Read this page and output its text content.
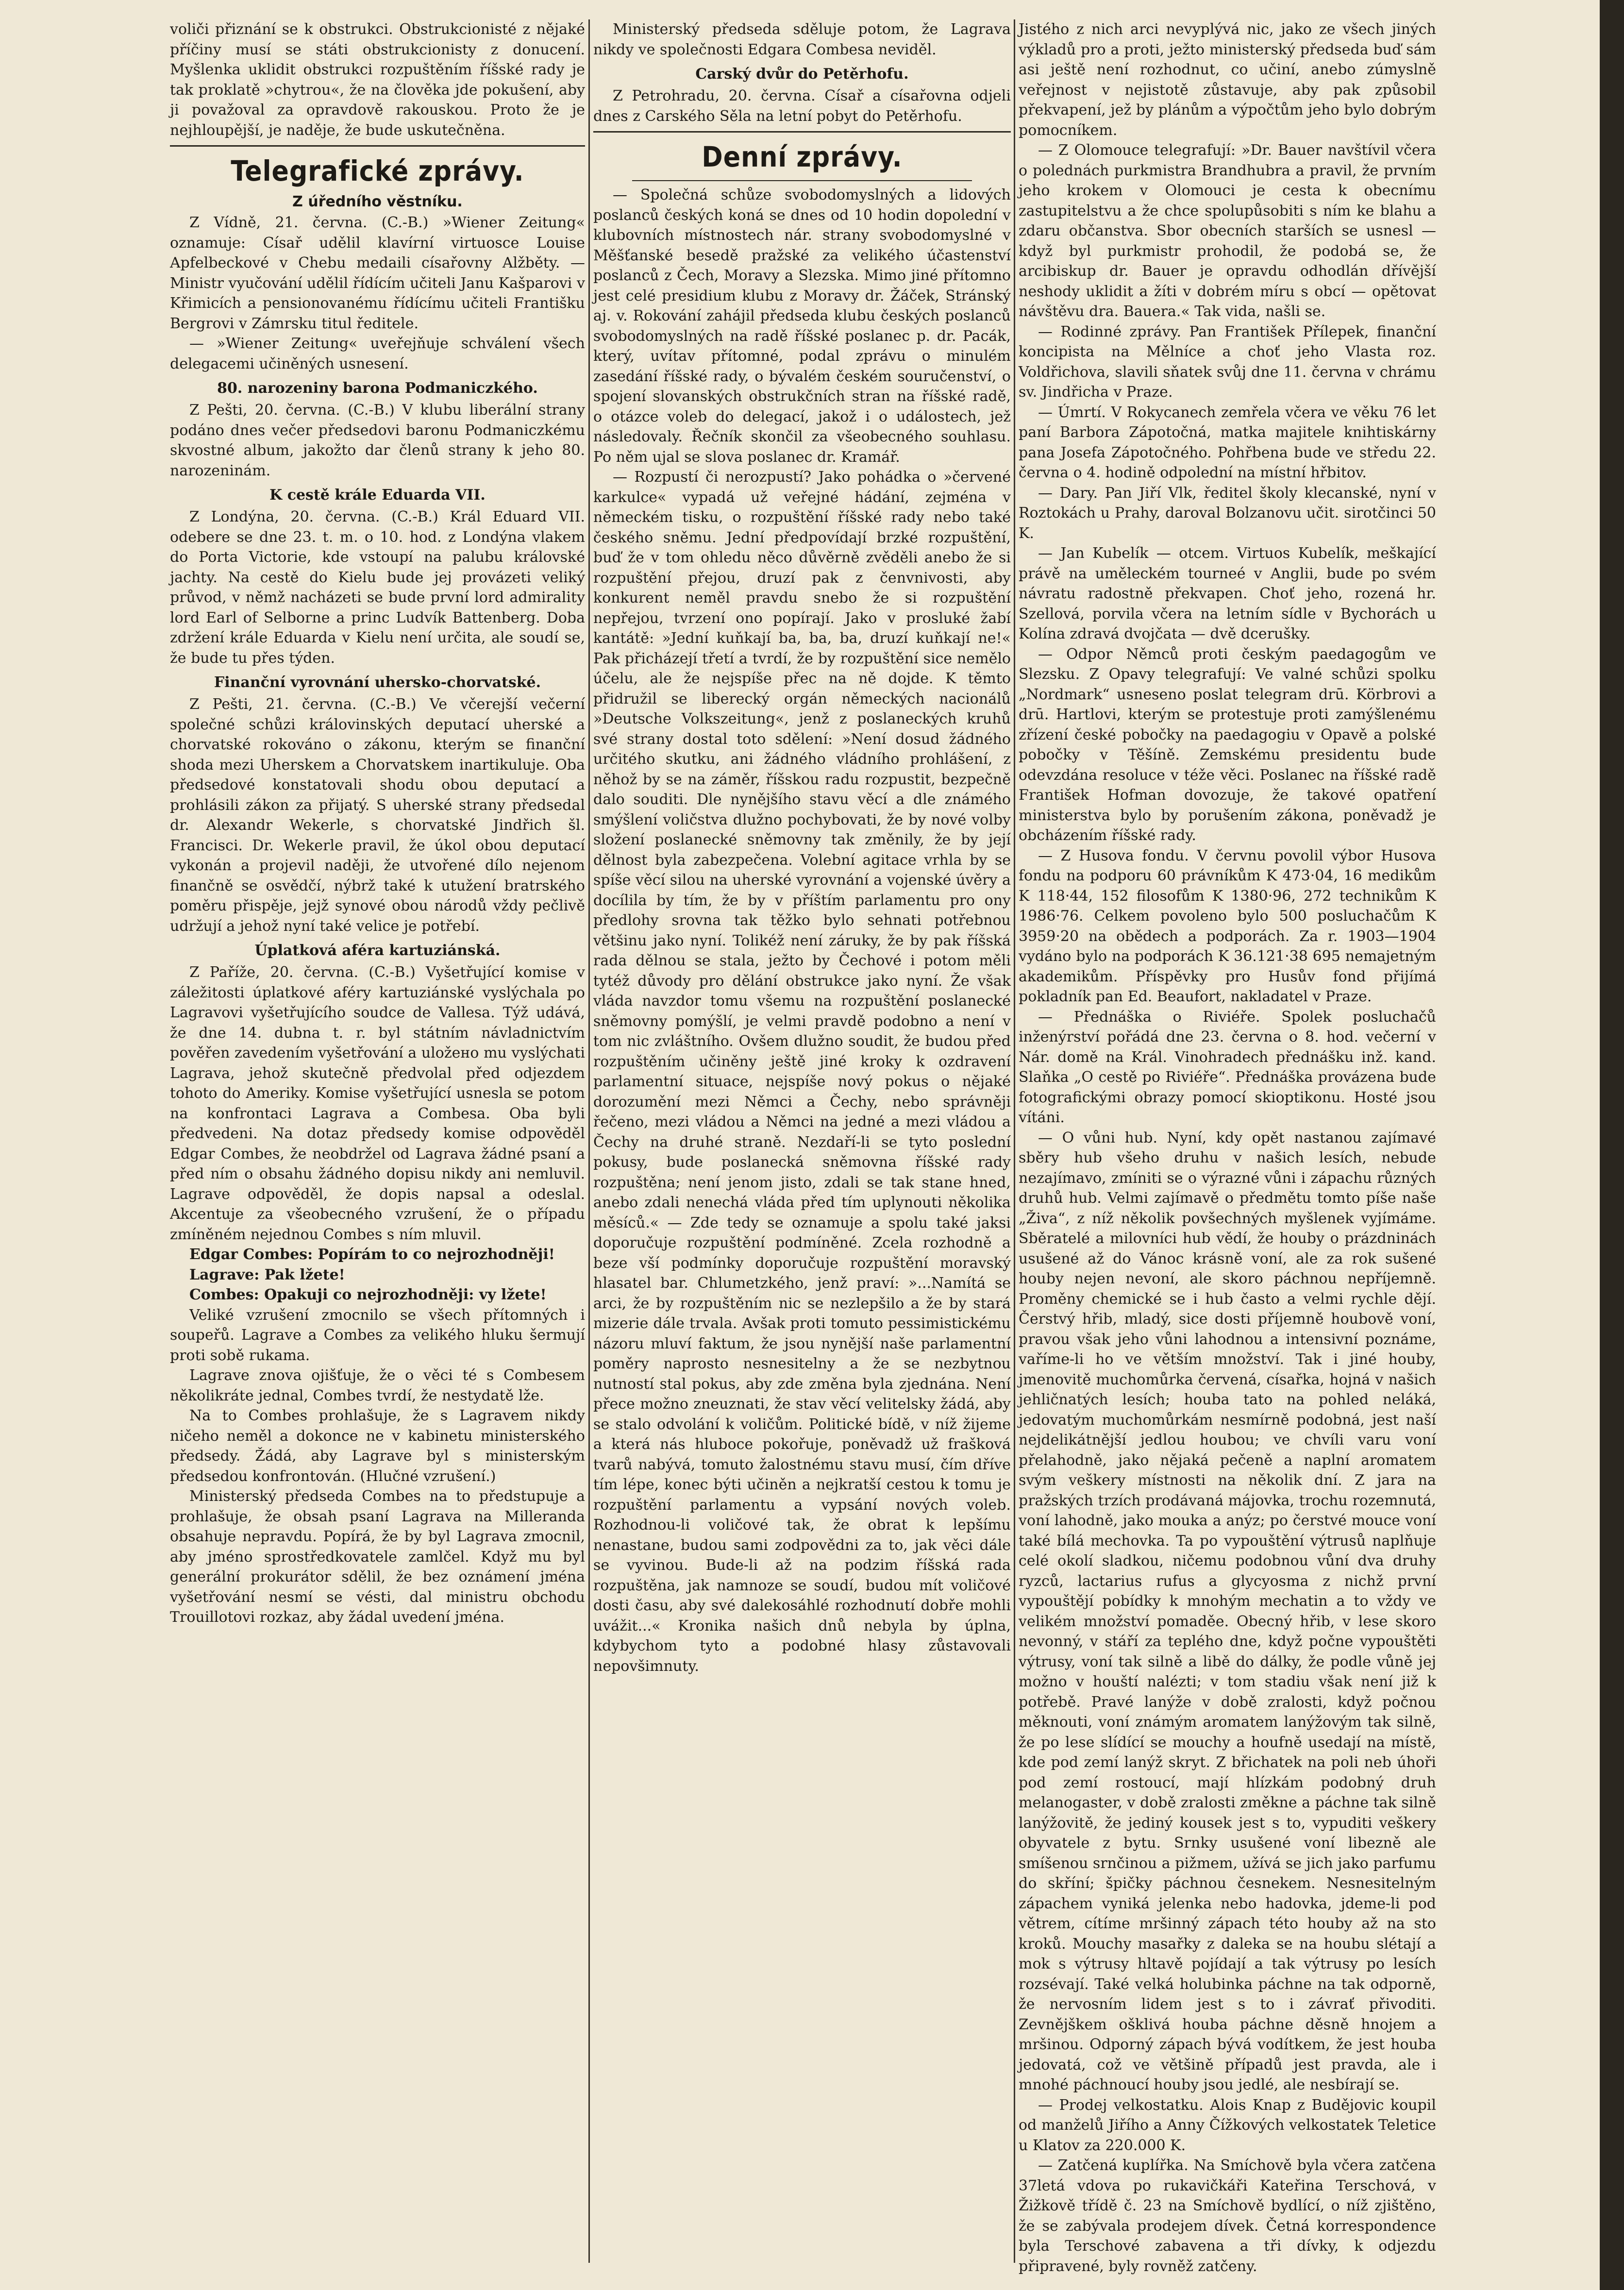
voliči přiznání se k obstrukci. Obstrukcionisté z nějaké příčiny musí se státi obstrukcionisty z donucení. Myšlenka uklidit obstrukci rozpuštěním říšské rady je tak proklatě »chytrou«, že na člověka jde pokušení, aby ji považoval za opravdově rakouskou. Proto že je nejhloupější, je naděje, že bude uskutečněna.

Telegrafické zprávy.
Z úředního věstníku.

Z Vídně, 21. června. (C.-B.) »Wiener Zeitung« oznamuje: Císař udělil klavírní virtuosce Louise Apfelbeckové v Chebu medaili císařovny Alžběty. — Ministr vyučování udělil řídícím učiteli Janu Kašparovi v Křimicích a pensionovanému řídícímu učiteli Františku Bergrovi v Zámrsku titul ředitele.

— »Wiener Zeitung« uveřejňuje schválení všech delegacemi učiněných usnesení.

80. narozeniny barona Podmaniczkého.

Z Pešti, 20. června. (C.-B.) V klubu liberální strany podáno dnes večer předsedovi baronu Podmaniczkému skvostné album, jakožto dar členů strany k jeho 80. narozeninám.

K cestě krále Eduarda VII.

Z Londýna, 20. června. (C.-B.) Král Eduard VII. odebere se dne 23. t. m. o 10. hod. z Londýna vlakem do Porta Victorie, kde vstoupí na palubu královské jachty. Na cestě do Kielu bude jej provázeti veliký průvod, v němž nacházeti se bude první lord admirality lord Earl of Selborne a princ Ludvík Battenberg. Doba zdržení krále Eduarda v Kielu není určita, ale soudí se, že bude tu přes týden.

Finanční vyrovnání uhersko-chorvatské.

Z Pešti, 21. června. (C.-B.) Ve včerejší večerní společné schůzi královinských deputací uherské a chorvatské rokováno o zákonu, kterým se finanční shoda mezi Uherskem a Chorvatskem inartikuluje. Oba předsedové konstatovali shodu obou deputací a prohlásili zákon za přijatý. S uherské strany předsedal dr. Alexandr Wekerle, s chorvatské Jindřich šl. Francisci. Dr. Wekerle pravil, že úkol obou deputací vykonán a projevil naději, že utvořené dílo nejenom finančně se osvědčí, nýbrž také k utužení bratrského poměru přispěje, jejž synové obou národů vždy pečlivě udržují a jehož nyní také velice je potřebí.

Úplatková aféra kartuziánská.

Z Paříže, 20. června. (C.-B.) Vyšetřující komise v záležitosti úplatkové aféry kartuziánské vyslýchala po Lagravovi vyšetřujícího soudce de Vallesa. Týž udává, že dne 14. dubna t. r. byl státním návladnictvím pověřen zavedením vyšetřování a uložено mu vyslýchati Lagrava, jehož skutečně předvolal před odjezdem tohoto do Ameriky. Komise vyšetřující usnesla se potom na konfrontaci Lagrava a Combesa. Oba byli předvedeni. Na dotaz předsedy komise odpověděl Edgar Combes, že neobdržel od Lagrava žádné psaní a před ním o obsahu žádného dopisu nikdy ani nemluvil. Lagrave odpověděl, že dopis napsal a odeslal. Akcentuje za všeobecného vzrušení, že o případu zmíněném nejednou Combes s ním mluvil.

Edgar Combes: Popírám to co nejrozhodněji!

Lagrave: Pak lžete!

Combes: Opakuji co nejrozhodněji: vy lžete!

Veliké vzrušení zmocnilo se všech přítomných i soupeřů. Lagrave a Combes za velikého hluku šermují proti sobě rukama.

Lagrave znova ojišťuje, že o věci té s Combesem několikráte jednal, Combes tvrdí, že nestydatě lže.

Na to Combes prohlašuje, že s Lagravem nikdy ničeho neměl a dokonce ne v kabinetu ministerského předsedy. Žádá, aby Lagrave byl s ministerským předsedou konfrontován. (Hlučné vzrušení.)

Ministerský předseda Combes na to předstupuje a prohlašuje, že obsah psaní Lagrava na Millerandа obsahuje nepravdu. Popírá, že by byl Lagrava zmocnil, aby jméno sprostředkovatele zamlčel. Když mu byl generální prokurátor sdělil, že bez oznámení jména vyšetřování nesmí se vésti, dal ministru obchodu Trouillotovi rozkaz, aby žádal uvedení jména.

Ministerský předseda sděluje potom, že Lagrava nikdy ve společnosti Edgara Combesa neviděl.

Carský dvůr do Petěrhofu.

Z Petrohradu, 20. června. Císař a císařovna odjeli dnes z Carského Sěla na letní pobyt do Petěrhofu.

Denní zprávy.

— Společná schůze svobodomyslných a lidových poslanců českých koná se dnes od 10 hodin dopolední v klubovních místnostech nár. strany svobodomyslné v Měšťanské besedě pražské za velikého účastenství poslanců z Čech, Moravy a Slezska. Mimo jiné přítomno jest celé presidium klubu z Moravy dr. Žáček, Stránský aj. v. Rokování zahájil předseda klubu českých poslanců svobodomyslných na radě říšské poslanec p. dr. Pacák, který, uvítav přítomné, podal zprávu o minulém zasedání říšské rady, o bývalém českém souručenství, o spojení slovanských obstrukčních stran na říšské radě, o otázce voleb do delegací, jakož i o událostech, jež následovaly. Řečník skončil za všeobecného souhlasu. Po něm ujal se slova poslanec dr. Kramář.

— Rozpustí či nerozpustí? Jako pohádka o »červené karkulce« vypadá už veřejné hádání, zejména v německém tisku, o rozpuštění říšské rady nebo také českého sněmu. Jední předpovídají brzké rozpuštění, buď že v tom ohledu něco důvěrně zvěděli anebo že si rozpuštění přejou, druzí pak z čenvnivosti, aby konkurent neměl pravdu snebo že si rozpuštění nepřejou, tvrzení ono popírají. Jako v prosluké žabí kantátě: »Jední kuňkají ba, ba, ba, druzí kuňkají ne!« Pak přicházejí třetí a tvrdí, že by rozpuštění sice nemělo účelu, ale že nejspíše přec na ně dojde. K těmto přidružil se liberecký orgán německých nacionálů »Deutsche Volkszeitung«, jenž z poslaneckých kruhů své strany dostal toto sdělení: »Není dosud žádného určitého skutku, ani žádného vládního prohlášení, z něhož by se na záměr, říšskou radu rozpustit, bezpečně dalo souditi. Dle nynějšího stavu věcí a dle známého smýšlení voličstva dlužno pochybovati, že by nové volby složení poslanecké sněmovny tak změnily, že by její dělnost byla zabezpečena. Volební agitace vrhla by se spíše věcí silou na uherské vyrovnání a vojenské úvěry a docílila by tím, že by v příštím parlamentu pro ony předlohy srovna tak těžko bylo sehnati potřebnou většinu jako nyní. Tolikéž není záruky, že by pak říšská rada dělnou se stala, ježto by Čechové i potom měli tytéž důvody pro dělání obstrukce jako nyní. Že však vláda navzdor tomu všemu na rozpuštění poslanecké sněmovny pomýšlí, je velmi pravdě podobno a není v tom nic zvláštního. Ovšem dlužno soudit, že budou před rozpuštěním učiněny ještě jiné kroky k ozdravení parlamentní situace, nejspíše nový pokus o nějaké dorozumění mezi Němci a Čechy, nebo správněji řečeno, mezi vládou a Němci na jedné a mezi vládou a Čechy na druhé straně. Nezdaří-li se tyto poslední pokusy, bude poslanecká sněmovna říšské rady rozpuštěna; není jenom jisto, zdali se tak stane hned, anebo zdali nenechá vláda před tím uplynouti několika měsíců.« — Zde tedy se oznamuje a spolu také jaksi doporučuje rozpuštění podmíněné. Zcela rozhodně a beze vší podmínky doporučuje rozpuštění moravský hlasatel bar. Chlumetzkého, jenž praví: »...Namítá se arci, že by rozpuštěním nic se nezlepšilo a že by stará mizerie dále trvala. Avšak proti tomuto pessimistickému názoru mluví faktum, že jsou nynější naše parlamentní poměry naprosto nesnesitelny a že se nezbytnou nutností stal pokus, aby zde změna byla zjednána. Není přece možno zneuznati, že stav věcí velitelsky žádá, aby se stalo odvolání k voličům. Politické bídě, v níž žijeme a která nás hluboce pokořuje, poněvadž už frašková tvarů nabývá, tomuto žalostnému stavu musí, čím dříve tím lépe, konec býti učiněn a nejkratší cestou k tomu je rozpuštění parlamentu a vypsání nových voleb. Rozhodnou-li voličové tak, že obrat k lepšímu nenastane, budou sami zodpovědni za to, jak věci dále se vyvinou. Bude-li až na podzim říšská rada rozpuštěna, jak namnoze se soudí, budou mít voličové dosti času, aby své dalekosáhlé rozhodnutí dobře mohli uvážit...« Kronika našich dnů nebyla by úplna, kdybychom tyto a podobné hlasy zůstavovali nepovšimnuty.

Jistého z nich arci nevyplývá nic, jako ze všech jiných výkladů pro a proti, ježto ministerský předseda buď sám asi ještě není rozhodnut, co učiní, anebo zúmyslně veřejnost v nejistotě zůstavuje, aby pak způsobil překvapení, jež by plánům a výpočtům jeho bylo dobrým pomocníkem.

— Z Olomouce telegrafují: »Dr. Bauer navštívil včera o polednách purkmistra Brandhubra a pravil, že prvním jeho krokem v Olomouci je cesta k obecnímu zastupitelstvu a že chce spolupůsobiti s ním ke blahu a zdaru občanstva. Sbor obecních starších se usnesl — když byl purkmistr prohodil, že podobá se, že arcibiskup dr. Bauer je opravdu odhodlán dřívější neshody uklidit a žíti v dobrém míru s obcí — opětovat návštěvu drа. Bauera.« Tak vida, našli se.

— Rodinné zprávy. Pan František Přílepek, finanční koncipista na Mělníce a choť jeho Vlasta roz. Voldřichova, slavili sňatek svůj dne 11. června v chrámu sv. Jindřicha v Praze.

— Úmrtí. V Rokycanech zemřela včera ve věku 76 let paní Barbora Zápotočná, matka majitele knihtiskárny pana Josefa Zápotočného. Pohřbena bude ve středu 22. června o 4. hodině odpolední na místní hřbitov.

— Dary. Pan Jiří Vlk, ředitel školy klecanské, nyní v Roztokách u Prahy, daroval Bolzanovu učit. sirotčinci 50 K.

— Jan Kubelík — otcem. Virtuos Kubelík, meškající právě na uměleckém tourneé v Anglii, bude po svém návratu radostně překvapen. Choť jeho, rozená hr. Szellová, porvila včera na letním sídle v Bychorách u Kolína zdravá dvojčata — dvě dcerušky.

— Odpor Němců proti českým paedagogům ve Slezsku. Z Opavy telegrafují: Ve valné schůzi spolku „Nordmark“ usneseno poslat telegram drū. Körbrovi a drū. Hartlovi, kterým se protestuje proti zamýšlenému zřízení české pobočky na paedagogiu v Opavě a polské pobočky v Těšíně. Zemskému presidentu bude odevzdána resoluce v téže věci. Poslanec na říšské radě František Hofman dovozuje, že takové opatření ministerstva bylo by porušením zákona, poněvadž je obcházením říšské rady.

— Z Husova fondu. V červnu povolil výbor Husova fondu na podporu 60 právníkům K 473·04, 16 medikům K 118·44, 152 filosofům K 1380·96, 272 technikům K 1986·76. Celkem povoleno bylo 500 posluchačům K 3959·20 na obědech a podporách. Za r. 1903—1904 vydáno bylo na podporách K 36.121·38 695 nemajetným akademikům. Příspěvky pro Husův fond přijímá pokladník pan Ed. Beaufort, nakladatel v Praze.

— Přednáška o Riviéře. Spolek posluchačů inženýrství pořádá dne 23. června o 8. hod. večerní v Nár. domě na Král. Vinohradech přednášku inž. kand. Slaňka „O cestě po Riviéře“. Přednáška provázena bude fotografickými obrazy pomocí skioptikonu. Hosté jsou vítáni.

— O vůni hub. Nyní, kdy opět nastanou zajímavé sběry hub všeho druhu v našich lesích, nebude nezajímavo, zmíniti se o výrazné vůni i zápachu různých druhů hub. Velmi zajímavě o předmětu tomto píše naše „Živa“, z níž několik povšechných myšlenek vyjímáme. Sběratelé a milovníci hub vědí, že houby o prázdninách usušené až do Vánoc krásně voní, ale za rok sušené houby nejen nevoní, ale skoro páchnou nepříjemně. Proměny chemické se i hub často a velmi rychle dějí. Čerstvý hřib, mladý, sice dosti příjemně houbově voní, pravou však jeho vůni lahodnou a intensivní poznáme, vaříme-li ho ve větším množství. Tak i jiné houby, jmenovitě muchomůrka červená, císařka, hojná v našich jehličnatých lesích; houba tato na pohled neláká, jedovatým muchomůrkám nesmírně podobná, jest naší nejdelikátnější jedlou houbou; ve chvíli varu voní přelahodně, jako nějaká pečeně a naplní aromatem svým veškery místnosti na několik dní. Z jara na pražských trzích prodávaná májovka, trochu rozemnutá, voní lahodně, jako moukа a anýz; po čerstvé mouce voní také bílá mechovka. Ta po vypouštění výtrusů naplňuje celé okolí sladkou, ničemu podobnou vůní dva druhy ryzců, lactarius rufus a glycyosma z nichž první vypouštějí pobídky k mnohým mechatin a to vždy ve velikém množství pomaděe. Obecný hřib, v lese skoro nevonný, v stáří za teplého dne, když počne vypouštěti výtrusy, voní tak silně a libě do dálky, že podle vůně jej možno v houští nalézti; v tom stadiu však není již k potřebě. Pravé lanýže v době zralosti, když počnou měknouti, voní známým aromatem lanýžovým tak silně, že po lese slídící se mouchy a houfně usedají na místě, kde pod zemí lanýž skryt. Z břichatek na poli neb úhoři pod zemí rostoucí, mají hlízkám podobný druh melanogaster, v době zralosti změkne a páchne tak silně lanýžovitě, že jediný kousek jest s to, vypuditi veškery obyvatele z bytu. Srnky usušené voní libezně ale smíšenou srnčinou a pižmem, užívá se jich jako parfumu do skříní; špičky páchnou česnekem. Nesnesitelným zápachem vyniká jelenka nebo hadovka, jdeme-li pod větrem, cítíme mršinný zápach této houby až na sto kroků. Mouchy masařky z daleka se na houbu slétají a mok s výtrusy hltavě pojídají a tak výtrusy po lesích rozsévají. Také velká holubinka páchne na tak odporně, že nervosním lidem jest s to i závrať přivoditi. Zevnějškem ošklivá houba páchne děsně hnojem a mršinou. Odporný zápach bývá vodítkem, že jest houba jedovatá, což ve většině případů jest pravda, ale i mnohé páchnoucí houby jsou jedlé, ale nesbírají se.

— Prodej velkostatku. Alois Knap z Budějovic koupil od manželů Jiřího a Anny Čížkových velkostatek Teletice u Klatov za 220.000 K.

— Zatčená kuplířka. Na Smíchově byla včera zatčena 37letá vdova po rukavičkáři Kateřina Terschová, v Žižkově třídě č. 23 na Smíchově bydlící, o níž zjištěno, že se zabývala prodejem dívek. Četná korrespondence byla Terschové zabavena a tři dívky, k odjezdu připravené, byly rovněž zatčeny.
